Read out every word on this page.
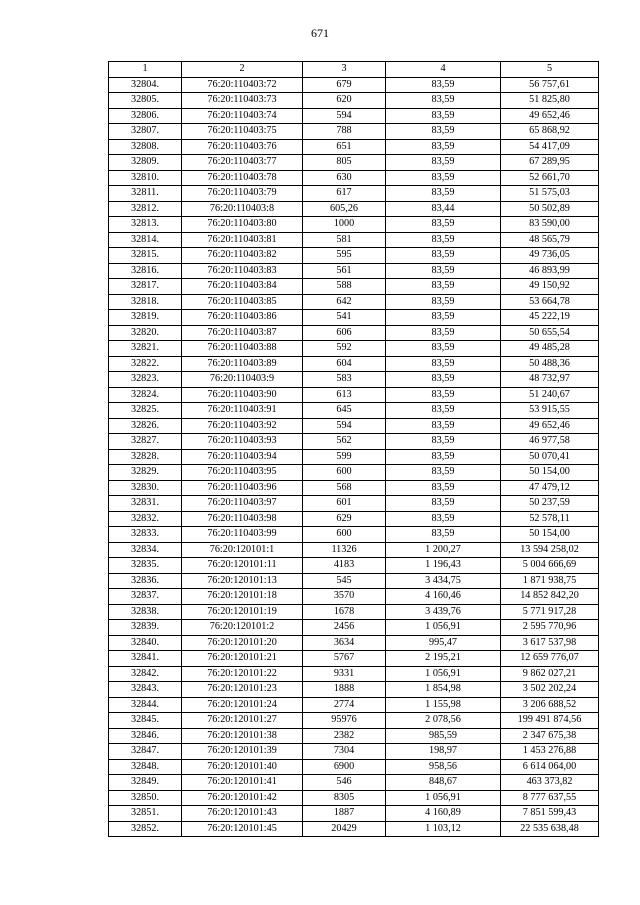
671
1	2	3	4	5
32804.	76:20:110403:72	679	83,59	56 757,61
32805.	76:20:110403:73	620	83,59	51 825,80
32806.	76:20:110403:74	594	83,59	49 652,46
32807.	76:20:110403:75	788	83,59	65 868,92
32808.	76:20:110403:76	651	83,59	54 417,09
32809.	76:20:110403:77	805	83,59	67 289,95
32810.	76:20:110403:78	630	83,59	52 661,70
32811.	76:20:110403:79	617	83,59	51 575,03
32812.	76:20:110403:8	605,26	83,44	50 502,89
32813.	76:20:110403:80	1000	83,59	83 590,00
32814.	76:20:110403:81	581	83,59	48 565,79
32815.	76:20:110403:82	595	83,59	49 736,05
32816.	76:20:110403:83	561	83,59	46 893,99
32817.	76:20:110403:84	588	83,59	49 150,92
32818.	76:20:110403:85	642	83,59	53 664,78
32819.	76:20:110403:86	541	83,59	45 222,19
32820.	76:20:110403:87	606	83,59	50 655,54
32821.	76:20:110403:88	592	83,59	49 485,28
32822.	76:20:110403:89	604	83,59	50 488,36
32823.	76:20:110403:9	583	83,59	48 732,97
32824.	76:20:110403:90	613	83,59	51 240,67
32825.	76:20:110403:91	645	83,59	53 915,55
32826.	76:20:110403:92	594	83,59	49 652,46
32827.	76:20:110403:93	562	83,59	46 977,58
32828.	76:20:110403:94	599	83,59	50 070,41
32829.	76:20:110403:95	600	83,59	50 154,00
32830.	76:20:110403:96	568	83,59	47 479,12
32831.	76:20:110403:97	601	83,59	50 237,59
32832.	76:20:110403:98	629	83,59	52 578,11
32833.	76:20:110403:99	600	83,59	50 154,00
32834.	76:20:120101:1	11326	1 200,27	13 594 258,02
32835.	76:20:120101:11	4183	1 196,43	5 004 666,69
32836.	76:20:120101:13	545	3 434,75	1 871 938,75
32837.	76:20:120101:18	3570	4 160,46	14 852 842,20
32838.	76:20:120101:19	1678	3 439,76	5 771 917,28
32839.	76:20:120101:2	2456	1 056,91	2 595 770,96
32840.	76:20:120101:20	3634	995,47	3 617 537,98
32841.	76:20:120101:21	5767	2 195,21	12 659 776,07
32842.	76:20:120101:22	9331	1 056,91	9 862 027,21
32843.	76:20:120101:23	1888	1 854,98	3 502 202,24
32844.	76:20:120101:24	2774	1 155,98	3 206 688,52
32845.	76:20:120101:27	95976	2 078,56	199 491 874,56
32846.	76:20:120101:38	2382	985,59	2 347 675,38
32847.	76:20:120101:39	7304	198,97	1 453 276,88
32848.	76:20:120101:40	6900	958,56	6 614 064,00
32849.	76:20:120101:41	546	848,67	463 373,82
32850.	76:20:120101:42	8305	1 056,91	8 777 637,55
32851.	76:20:120101:43	1887	4 160,89	7 851 599,43
32852.	76:20:120101:45	20429	1 103,12	22 535 638,48
